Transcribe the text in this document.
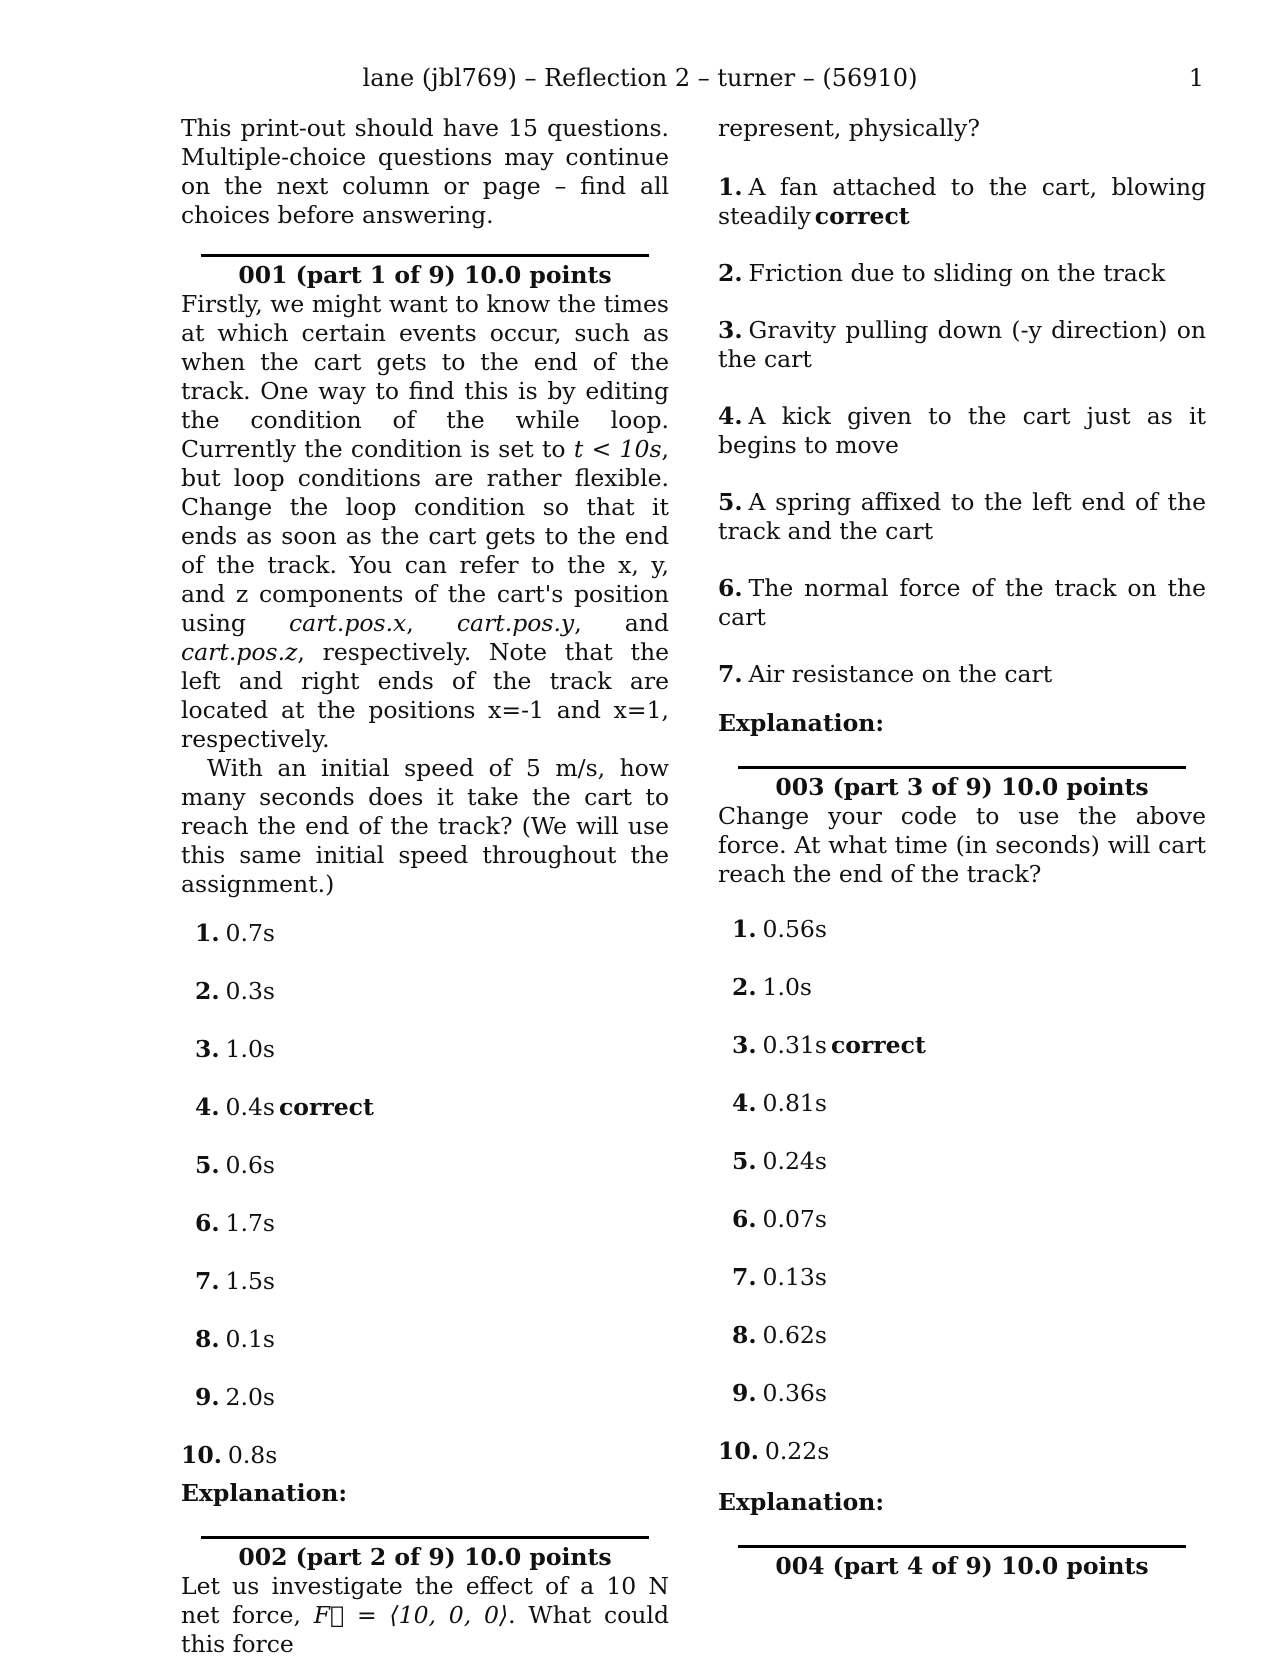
lane (jbl769) – Reflection 2 – turner – (56910)	1

This print-out should have 15 questions. Multiple-choice questions may continue on the next column or page – find all choices before answering.

001 (part 1 of 9) 10.0 points

Firstly, we might want to know the times at which certain events occur, such as when the cart gets to the end of the track. One way to find this is by editing the condition of the while loop. Currently the condition is set to t < 10s, but loop conditions are rather flexible. Change the loop condition so that it ends as soon as the cart gets to the end of the track. You can refer to the x, y, and z components of the cart's position using cart.pos.x, cart.pos.y, and cart.pos.z, respectively. Note that the left and right ends of the track are located at the positions x=-1 and x=1, respectively.

With an initial speed of 5 m/s, how many seconds does it take the cart to reach the end of the track? (We will use this same initial speed throughout the assignment.)

1. 0.7s
2. 0.3s
3. 1.0s
4. 0.4s correct
5. 0.6s
6. 1.7s
7. 1.5s
8. 0.1s
9. 2.0s
10. 0.8s

Explanation:

002 (part 2 of 9) 10.0 points

Let us investigate the effect of a 10 N net force, F⃗ = ⟨10, 0, 0⟩. What could this force

represent, physically?

1. A fan attached to the cart, blowing steadily correct
2. Friction due to sliding on the track
3. Gravity pulling down (-y direction) on the cart
4. A kick given to the cart just as it begins to move
5. A spring affixed to the left end of the track and the cart
6. The normal force of the track on the cart
7. Air resistance on the cart

Explanation:

003 (part 3 of 9) 10.0 points

Change your code to use the above force. At what time (in seconds) will cart reach the end of the track?

1. 0.56s
2. 1.0s
3. 0.31s correct
4. 0.81s
5. 0.24s
6. 0.07s
7. 0.13s
8. 0.62s
9. 0.36s
10. 0.22s

Explanation:

004 (part 4 of 9) 10.0 points
